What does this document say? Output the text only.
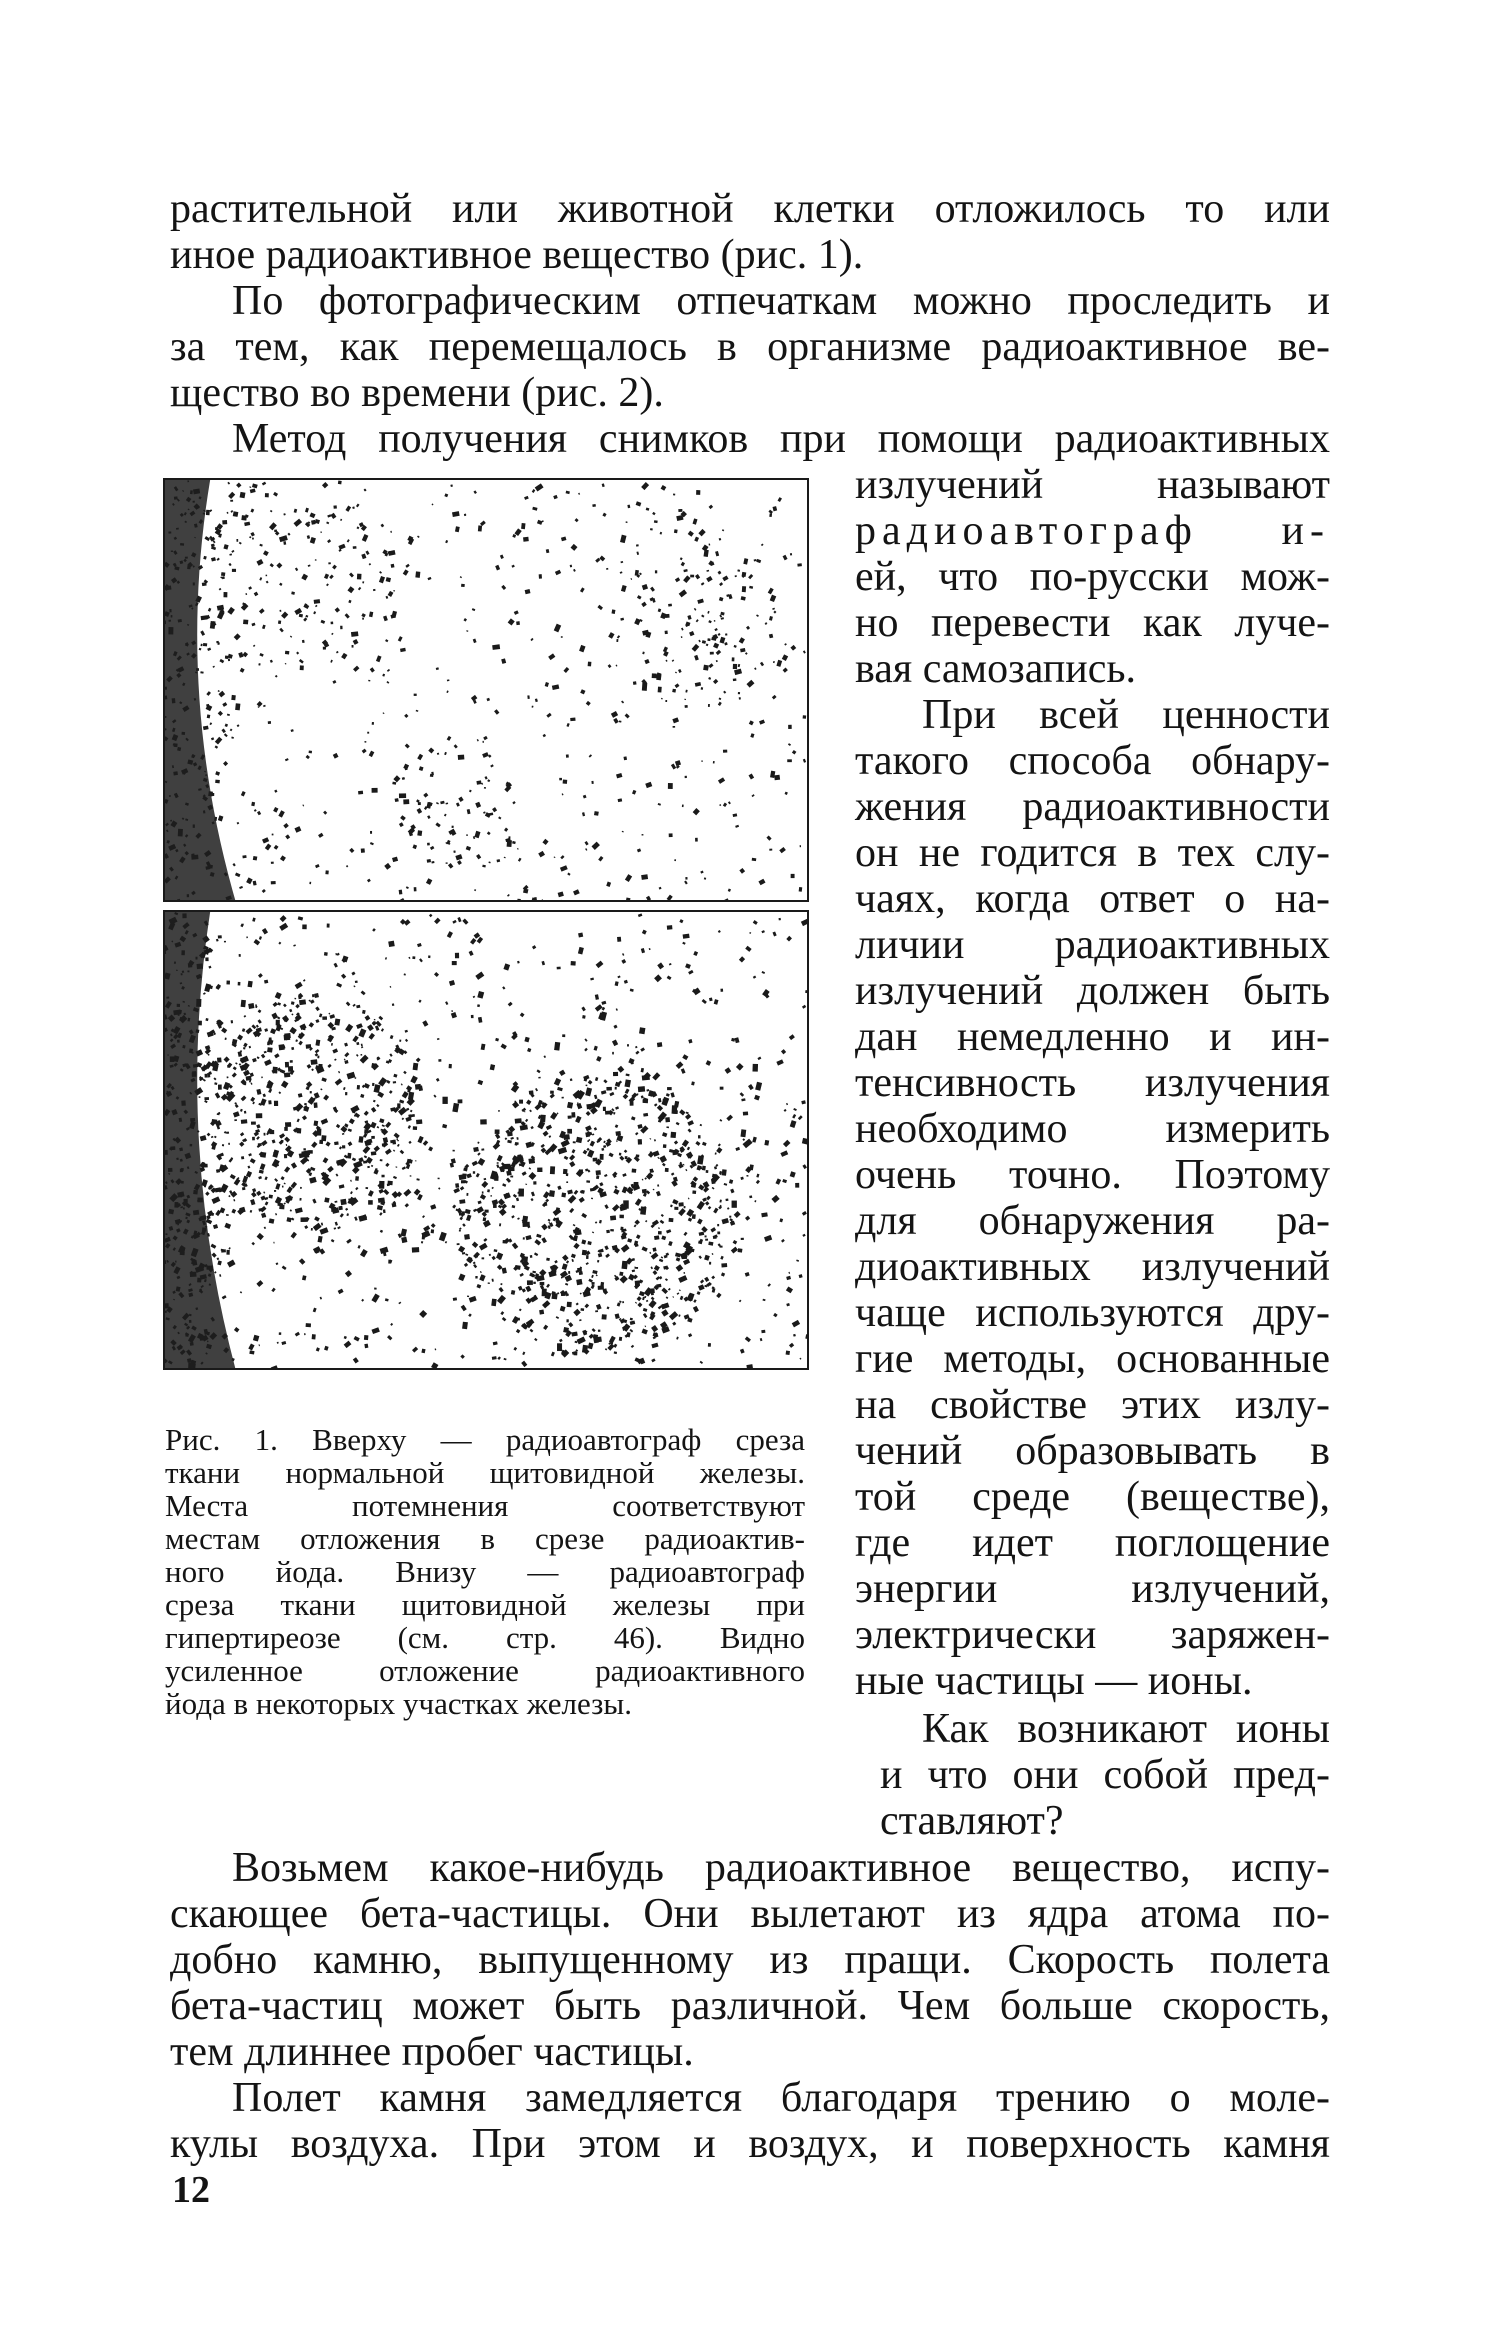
растительной или животной клетки отложилось то или

иное радиоактивное вещество (рис. 1).

По фотографическим отпечаткам можно проследить и

за тем, как перемещалось в организме радиоактивное ве-

щество во времени (рис. 2).

Метод получения снимков при помощи радиоактивных

Рис. 1. Вверху — радиоавтограф среза

ткани нормальной щитовидной железы.

Места потемнения соответствуют

местам отложения в срезе радиоактив-

ного йода. Внизу — радиоавтограф

среза ткани щитовидной железы при

гипертиреозе (см. стр. 46). Видно

усиленное отложение радиоактивного

йода в некоторых участках железы.

излучений называют

радиоавтограф и-

ей, что по-русски мож-

но перевести как луче-

вая самозапись.

При всей ценности

такого способа обнару-

жения радиоактивности

он не годится в тех слу-

чаях, когда ответ о на-

личии радиоактивных

излучений должен быть

дан немедленно и ин-

тенсивность излучения

необходимо измерить

очень точно. Поэтому

для обнаружения ра-

диоактивных излучений

чаще используются дру-

гие методы, основанные

на свойстве этих излу-

чений образовывать в

той среде (веществе),

где идет поглощение

энергии излучений,

электрически заряжен-

ные частицы — ионы.

Как возникают ионы

и что они собой пред-

ставляют?

Возьмем какое-нибудь радиоактивное вещество, испу-

скающее бета-частицы. Они вылетают из ядра атома по-

добно камню, выпущенному из пращи. Скорость полета

бета-частиц может быть различной. Чем больше скорость,

тем длиннее пробег частицы.

Полет камня замедляется благодаря трению о моле-

кулы воздуха. При этом и воздух, и поверхность камня

12
